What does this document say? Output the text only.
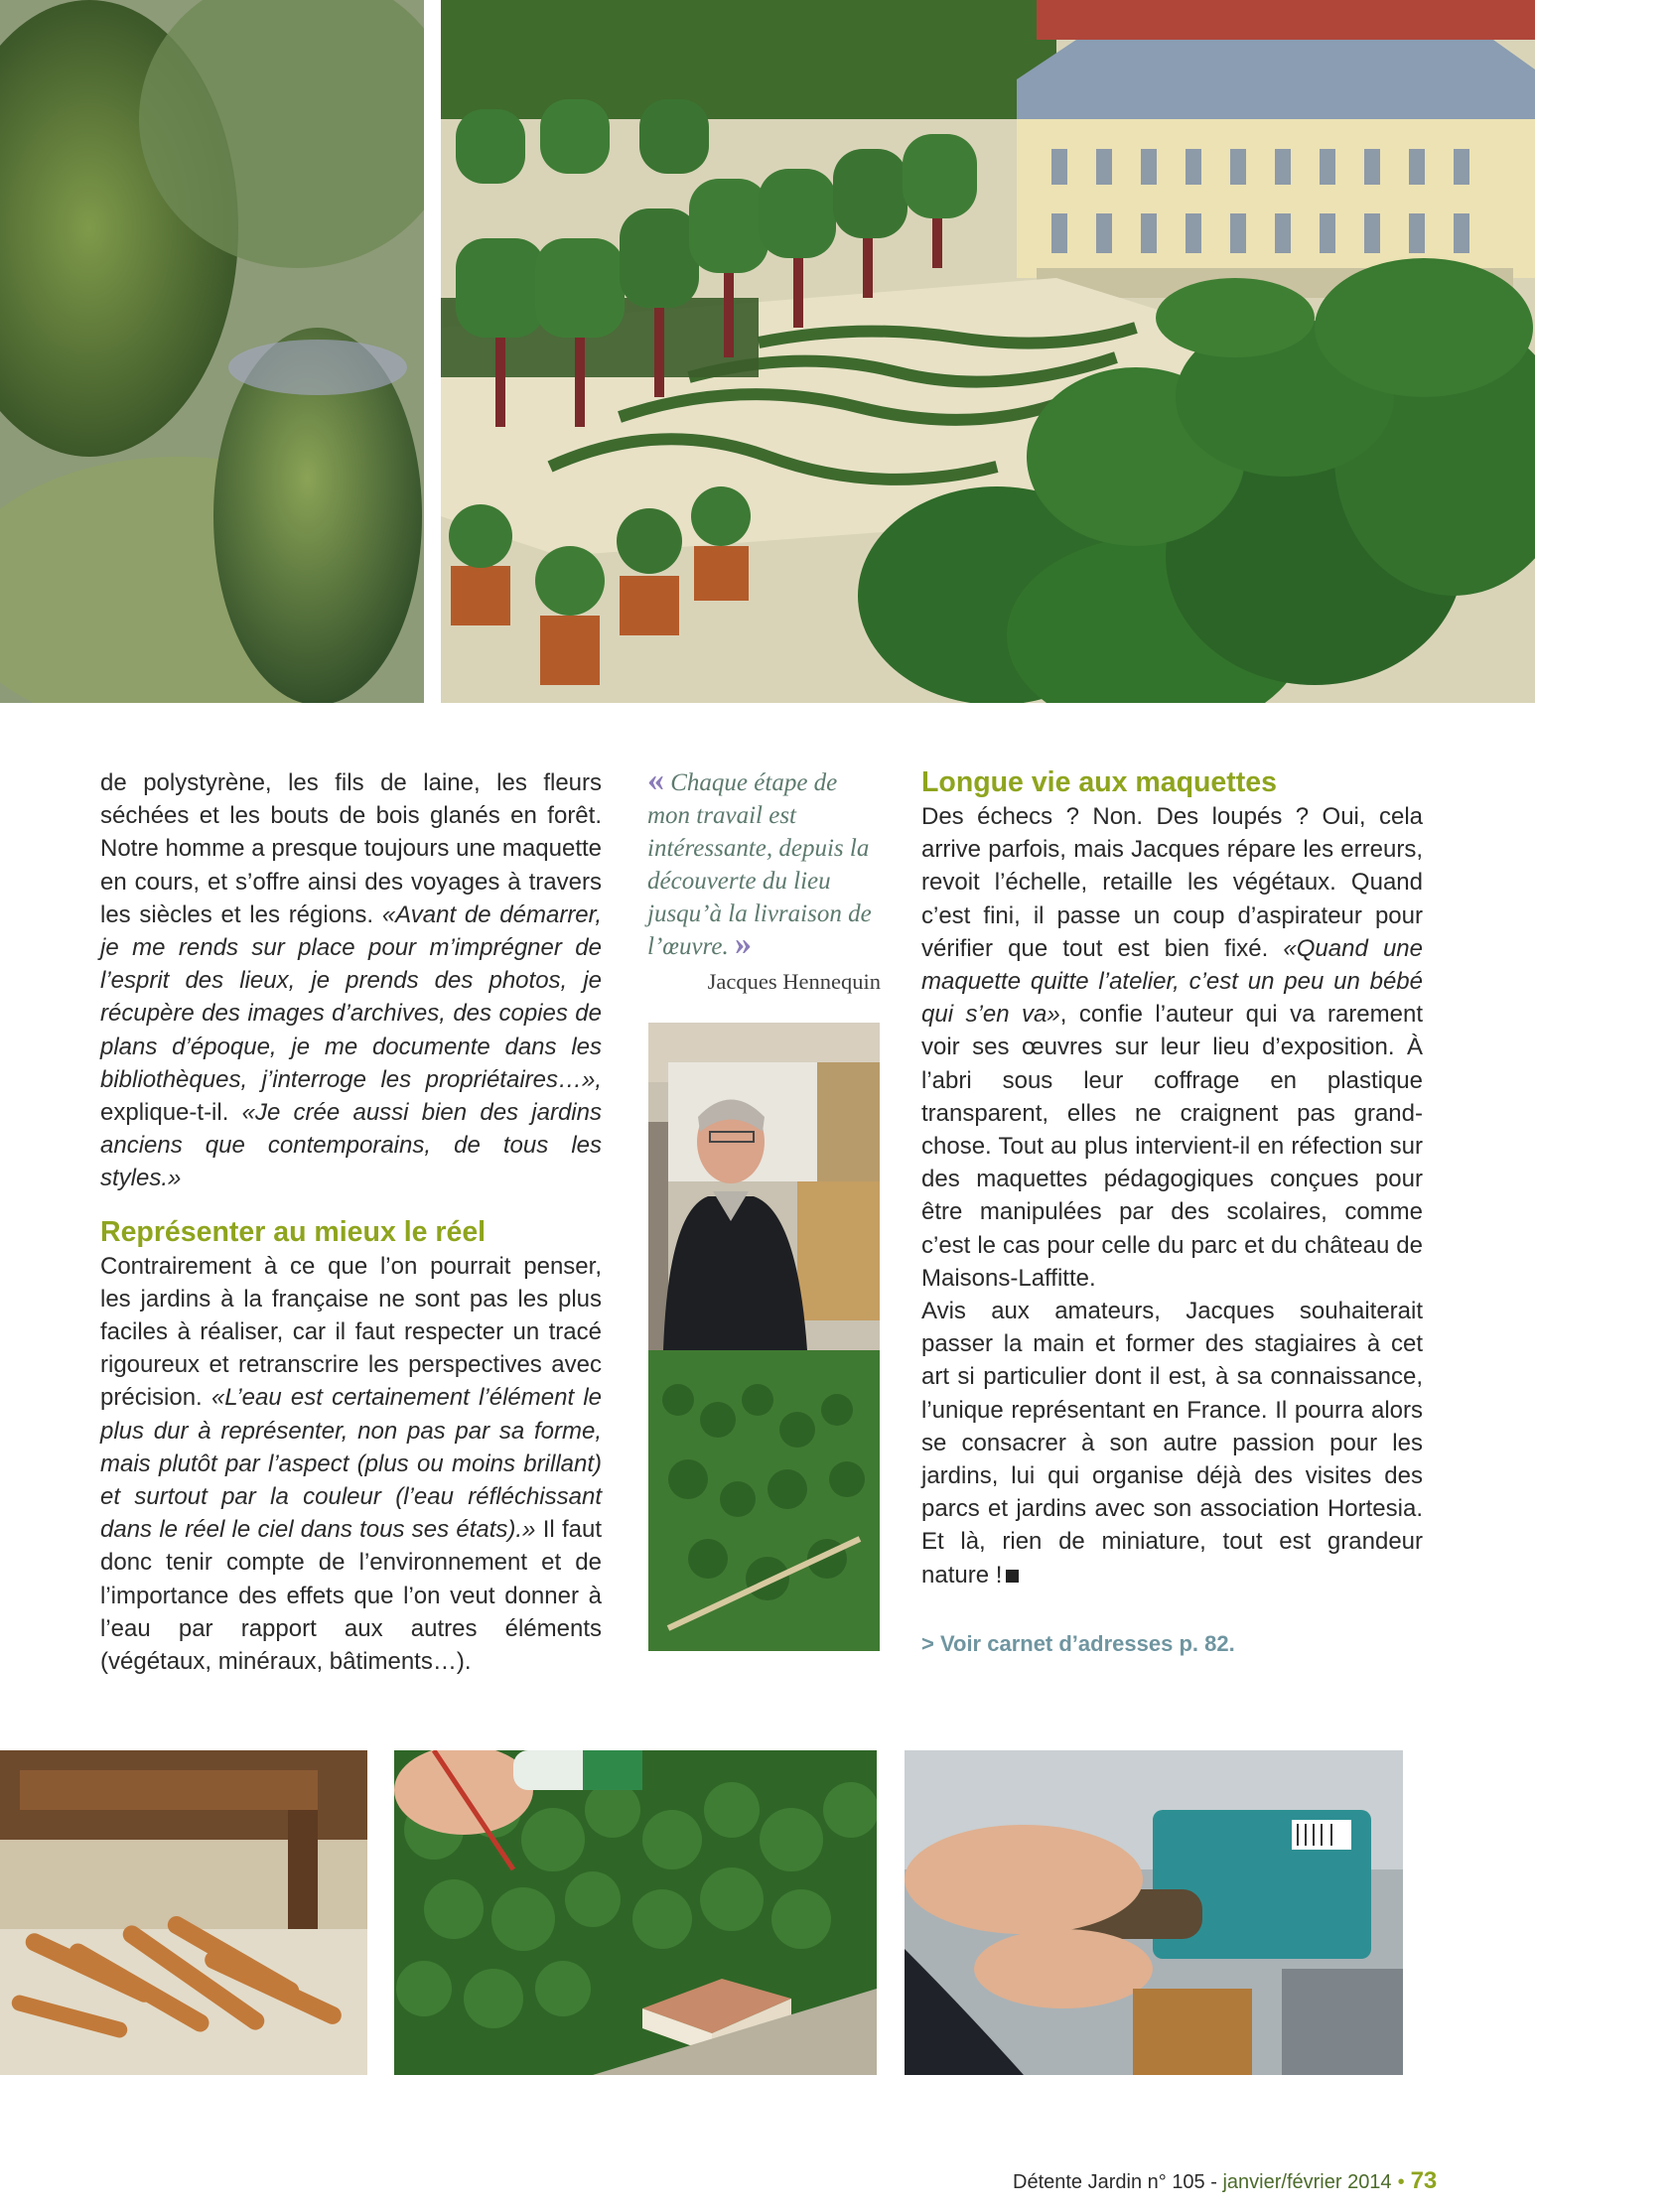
de polystyrène, les fils de laine, les fleurs séchées et les bouts de bois glanés en forêt. Notre homme a presque toujours une maquette en cours, et s’offre ainsi des voyages à travers les siècles et les régions. «Avant de démarrer, je me rends sur place pour m’imprégner de l’esprit des lieux, je prends des photos, je récupère des images d’archives, des copies de plans d’époque, je me documente dans les bibliothèques, j’interroge les propriétaires…», explique-t-il. «Je crée aussi bien des jardins anciens que contemporains, de tous les styles.»

Représenter au mieux le réel

Contrairement à ce que l’on pourrait penser, les jardins à la française ne sont pas les plus faciles à réaliser, car il faut respecter un tracé rigoureux et retranscrire les perspectives avec précision. «L’eau est certainement l’élément le plus dur à représenter, non pas par sa forme, mais plutôt par l’aspect (plus ou moins brillant) et surtout par la couleur (l’eau réfléchissant dans le réel le ciel dans tous ses états).» Il faut donc tenir compte de l’environnement et de l’importance des effets que l’on veut donner à l’eau par rapport aux autres éléments (végétaux, minéraux, bâtiments…).

« Chaque étape de mon travail est intéressante, depuis la découverte du lieu jusqu’à la livraison de l’œuvre. »
Jacques Hennequin
Longue vie aux maquettes

Des échecs ? Non. Des loupés ? Oui, cela arrive parfois, mais Jacques répare les erreurs, revoit l’échelle, retaille les végétaux. Quand c’est fini, il passe un coup d’aspirateur pour vérifier que tout est bien fixé. «Quand une maquette quitte l’atelier, c’est un peu un bébé qui s’en va», confie l’auteur qui va rarement voir ses œuvres sur leur lieu d’exposition. À l’abri sous leur coffrage en plastique transparent, elles ne craignent pas grand-chose. Tout au plus intervient-il en réfection sur des maquettes pédagogiques conçues pour être manipulées par des scolaires, comme c’est le cas pour celle du parc et du château de Maisons-Laffitte.

Avis aux amateurs, Jacques souhaiterait passer la main et former des stagiaires à cet art si particulier dont il est, à sa connaissance, l’unique représentant en France. Il pourra alors se consacrer à son autre passion pour les jardins, lui qui organise déjà des visites des parcs et jardins avec son association Hortesia. Et là, rien de miniature, tout est grandeur nature !

> Voir carnet d’adresses p. 82.
Détente Jardin n° 105 - janvier/février 2014 • 73
